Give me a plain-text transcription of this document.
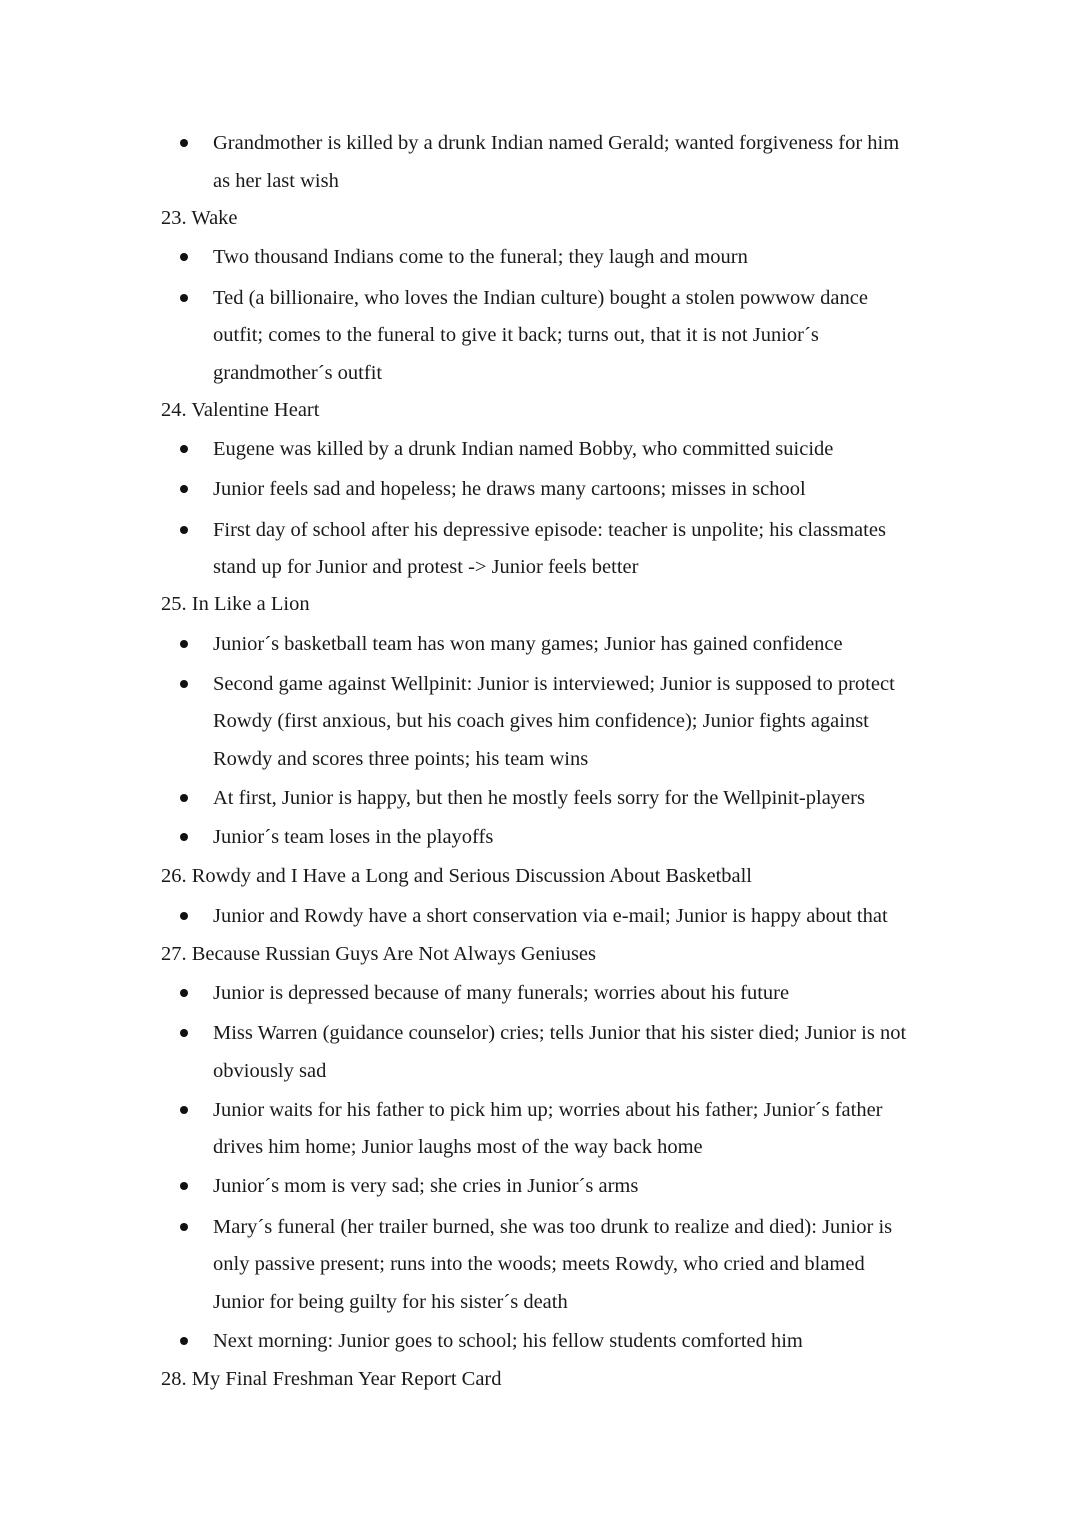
Grandmother is killed by a drunk Indian named Gerald; wanted forgiveness for him
as her last wish
23. Wake
Two thousand Indians come to the funeral; they laugh and mourn
Ted (a billionaire, who loves the Indian culture) bought a stolen powwow dance
outfit; comes to the funeral to give it back; turns out, that it is not Junior´s
grandmother´s outfit
24. Valentine Heart
Eugene was killed by a drunk Indian named Bobby, who committed suicide
Junior feels sad and hopeless; he draws many cartoons; misses in school
First day of school after his depressive episode: teacher is unpolite; his classmates
stand up for Junior and protest -> Junior feels better
25. In Like a Lion
Junior´s basketball team has won many games; Junior has gained confidence
Second game against Wellpinit: Junior is interviewed; Junior is supposed to protect
Rowdy (first anxious, but his coach gives him confidence); Junior fights against
Rowdy and scores three points; his team wins
At first, Junior is happy, but then he mostly feels sorry for the Wellpinit-players
Junior´s team loses in the playoffs
26. Rowdy and I Have a Long and Serious Discussion About Basketball
Junior and Rowdy have a short conservation via e-mail; Junior is happy about that
27. Because Russian Guys Are Not Always Geniuses
Junior is depressed because of many funerals; worries about his future
Miss Warren (guidance counselor) cries; tells Junior that his sister died; Junior is not
obviously sad
Junior waits for his father to pick him up; worries about his father; Junior´s father
drives him home; Junior laughs most of the way back home
Junior´s mom is very sad; she cries in Junior´s arms
Mary´s funeral (her trailer burned, she was too drunk to realize and died): Junior is
only passive present; runs into the woods; meets Rowdy, who cried and blamed
Junior for being guilty for his sister´s death
Next morning: Junior goes to school; his fellow students comforted him
28. My Final Freshman Year Report Card
